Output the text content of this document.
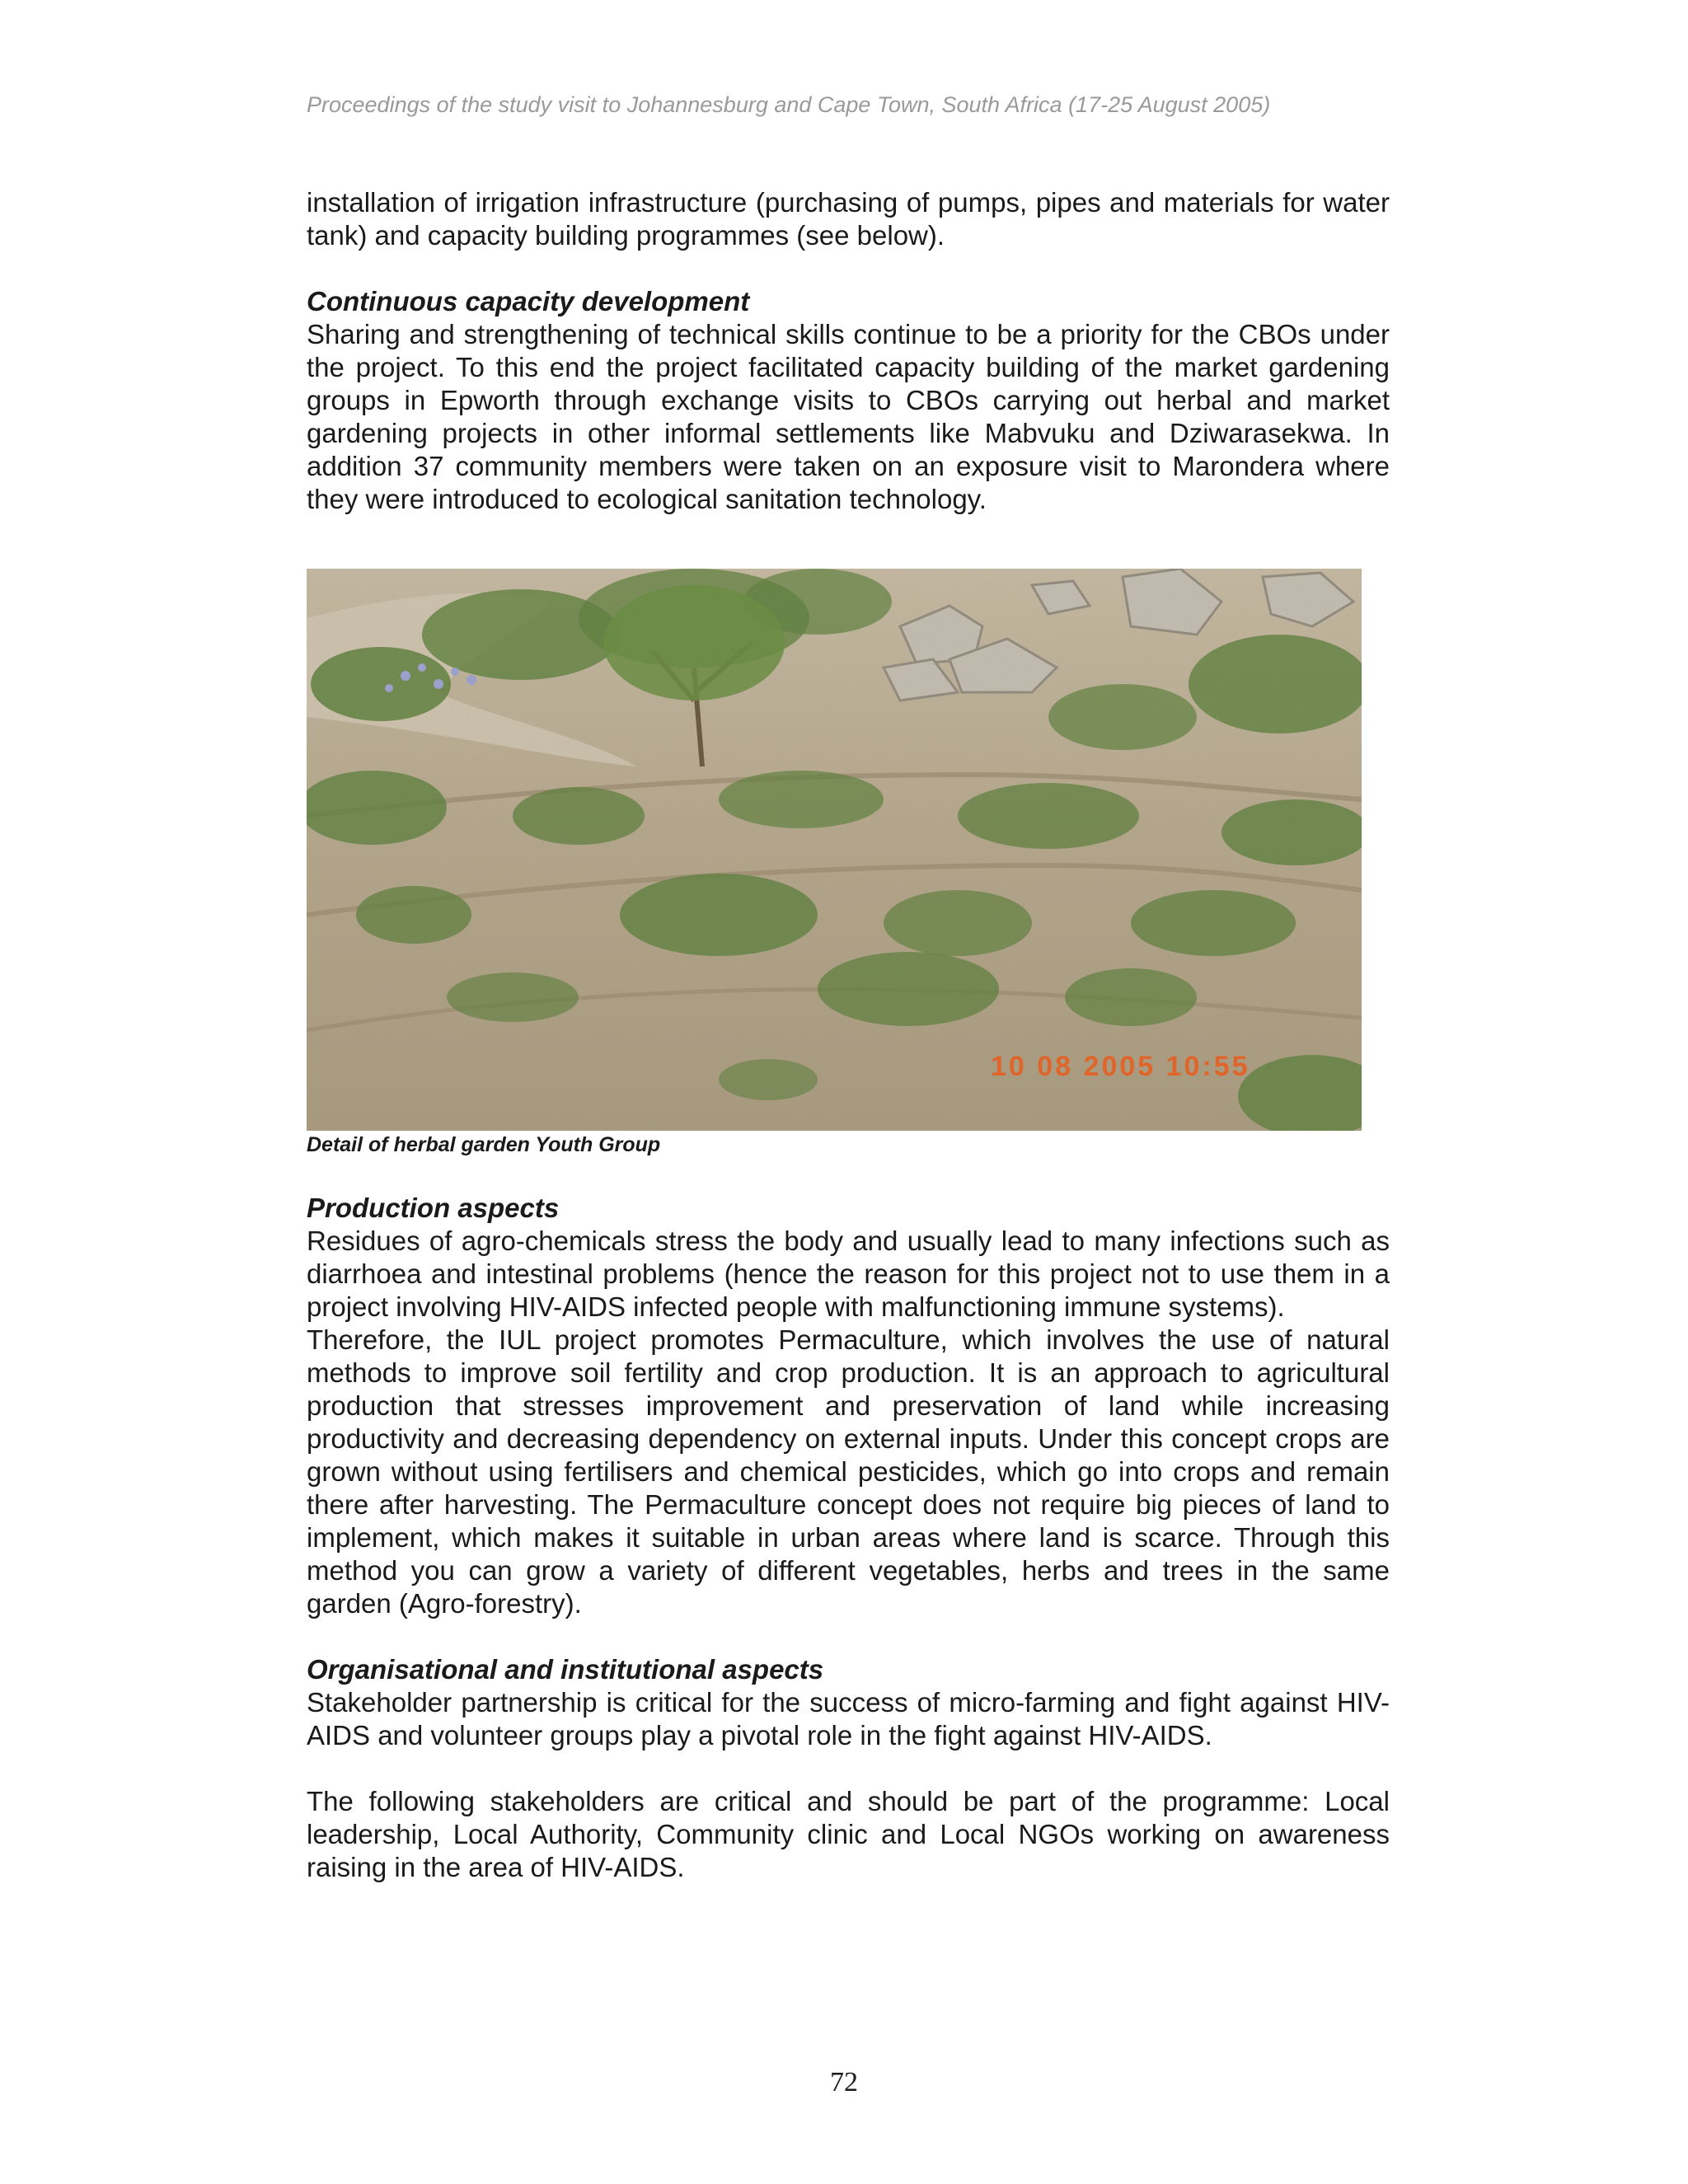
Proceedings of the study visit to Johannesburg and Cape Town, South Africa (17-25 August 2005)

installation of irrigation infrastructure (purchasing of pumps, pipes and materials for water tank) and capacity building programmes (see below).

Continuous capacity development

Sharing and strengthening of technical skills continue to be a priority for the CBOs under the project. To this end the project facilitated capacity building of the market gardening groups in Epworth through exchange visits to CBOs carrying out herbal and market gardening projects in other informal settlements like Mabvuku and Dziwarasekwa. In addition 37 community members were taken on an exposure visit to Marondera where they were introduced to ecological sanitation technology.

10 08 2005 10:55
Detail of herbal garden Youth Group
Production aspects

Residues of agro-chemicals stress the body and usually lead to many infections such as diarrhoea and intestinal problems (hence the reason for this project not to use them in a project involving HIV-AIDS infected people with malfunctioning immune systems).

Therefore, the IUL project promotes Permaculture, which involves the use of natural methods to improve soil fertility and crop production. It is an approach to agricultural production that stresses improvement and preservation of land while increasing productivity and decreasing dependency on external inputs. Under this concept crops are grown without using fertilisers and chemical pesticides, which go into crops and remain there after harvesting. The Permaculture concept does not require big pieces of land to implement, which makes it suitable in urban areas where land is scarce. Through this method you can grow a variety of different vegetables, herbs and trees in the same garden (Agro-forestry).

Organisational and institutional aspects

Stakeholder partnership is critical for the success of micro-farming and fight against HIV-AIDS and volunteer groups play a pivotal role in the fight against HIV-AIDS.

The following stakeholders are critical and should be part of the programme: Local leadership, Local Authority, Community clinic and Local NGOs working on awareness raising in the area of HIV-AIDS.

72
